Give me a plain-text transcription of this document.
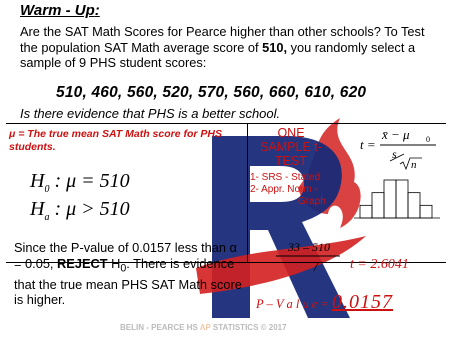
Warm - Up:
Are the SAT Math Scores for Pearce higher than other schools? To Test the population SAT Math average score of 510, you randomly select a sample of 9 PHS student scores:
510, 460, 560, 520, 570, 560, 660, 610, 620
Is there evidence that PHS is a better school.
μ = The true mean SAT Math score for PHS students.
$H_0$ : μ = 510
$H_a$ : μ > 510
ONE SAMPLE t-TEST
1- SRS - Stated
2- Appr. Norm -
Graph
t =
x̄ − μ 0
s
n
Since the P-value of 0.0157 less than α = 0.05, REJECT $H_0$. There is evidence that the true mean PHS SAT Math score is higher.
33 – 510
/ t = 2.6041
P – V a l u e = 0.0157
BELIN - PEARCE HS AP STATISTICS © 2017
